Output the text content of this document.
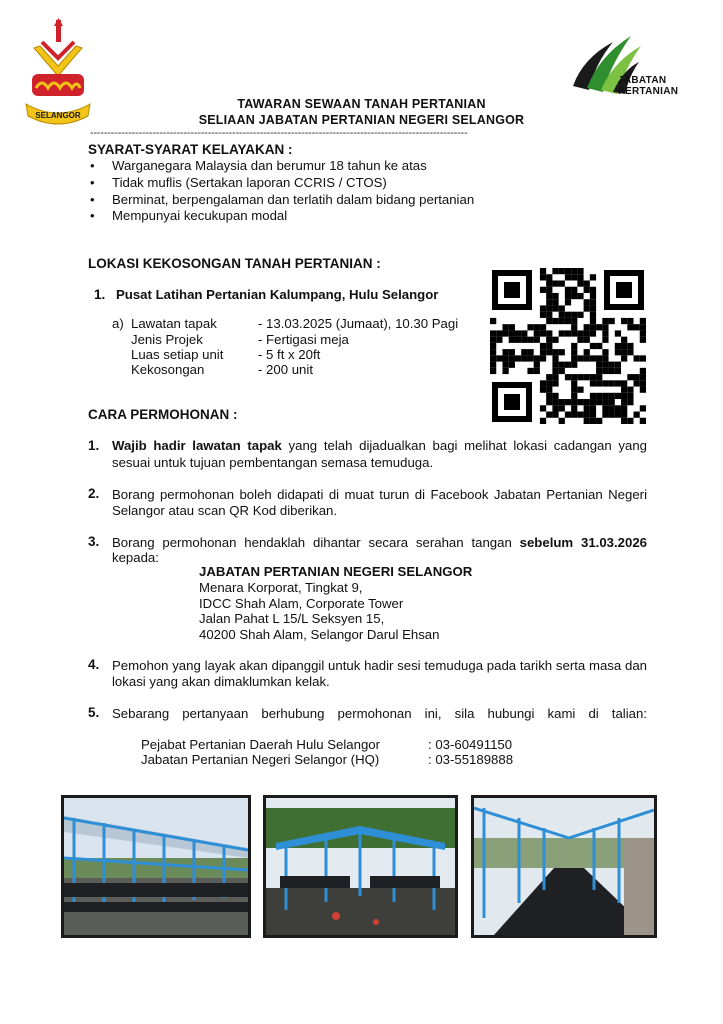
SELANGOR
JABATAN
PERTANIAN
TAWARAN SEWAAN TANAH PERTANIAN
SELIAAN JABATAN PERTANIAN NEGERI SELANGOR
-------------------------------------------------------------------------------------------------------------
SYARAT-SYARAT KELAYAKAN :
• Warganegara Malaysia dan berumur 18 tahun ke atas
• Tidak muflis (Sertakan laporan CCRIS / CTOS)
• Berminat, berpengalaman dan terlatih dalam bidang pertanian
• Mempunyai kecukupan modal
LOKASI KEKOSONGAN TANAH PERTANIAN :
1. Pusat Latihan Pertanian Kalumpang, Hulu Selangor
a) Lawatan tapak	- 13.03.2025 (Jumaat), 10.30 Pagi
Jenis Projek	- Fertigasi meja
Luas setiap unit	- 5 ft x 20ft
Kekosongan	- 200 unit
CARA PERMOHONAN :
1. Wajib hadir lawatan tapak yang telah dijadualkan bagi melihat lokasi cadangan yang
sesuai untuk tujuan pembentangan semasa temuduga.
2. Borang permohonan boleh didapati di muat turun di Facebook Jabatan Pertanian Negeri
Selangor atau scan QR Kod diberikan.
3. Borang permohonan hendaklah dihantar secara serahan tangan sebelum 31.03.2026
kepada:
JABATAN PERTANIAN NEGERI SELANGOR
Menara Korporat, Tingkat 9,
IDCC Shah Alam, Corporate Tower
Jalan Pahat L 15/L Seksyen 15,
40200 Shah Alam, Selangor Darul Ehsan
4. Pemohon yang layak akan dipanggil untuk hadir sesi temuduga pada tarikh serta masa dan
lokasi yang akan dimaklumkan kelak.
5. Sebarang pertanyaan berhubung permohonan ini, sila hubungi kami di talian:
Pejabat Pertanian Daerah Hulu Selangor	: 03-60491150
Jabatan Pertanian Negeri Selangor (HQ)	: 03-55189888
